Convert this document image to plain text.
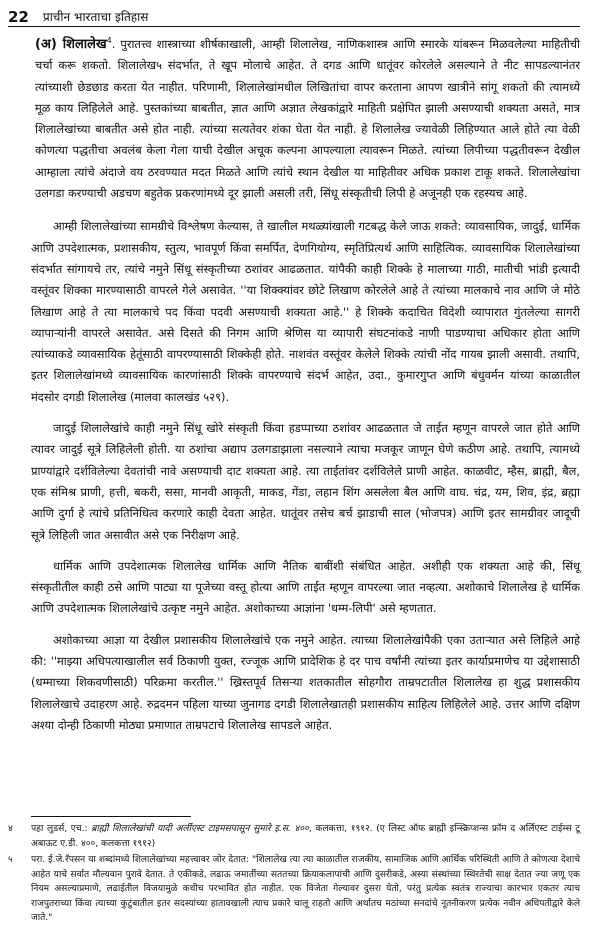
22 प्राचीन भारताचा इतिहास

(अ) शिलालेख$^4$. पुरातत्त्व शास्त्राच्या शीर्षकाखाली, आम्ही शिलालेख, नाणिकशास्त्र आणि स्मारके यांबरून मिळवलेल्या माहितीची चर्चा करू शकतो. शिलालेख५ संदर्भात, ते खूप मोलाचे आहेत. ते दगड आणि धातूंवर कोरलेले असल्याने ते नीट सापडल्यानंतर त्यांच्याशी छेडछाड करता येत नाहीत. परिणामी, शिलालेखांमधील लिखितांचा वापर करताना आपण खात्रीने सांगू शकतो की त्यामध्ये मूळ काय लिहिलेले आहे. पुस्तकांच्या बाबतीत, ज्ञात आणि अज्ञात लेखकांद्वारे माहिती प्रक्षेपित झाली असण्याची शक्यता असते, मात्र शिलालेखांच्या बाबतीत असे होत नाही. त्यांच्या सत्यतेवर शंका घेता येत नाही. हे शिलालेख ज्यावेळी लिहिण्यात आले होते त्या वेळी कोणत्या पद्धतीचा अवलंब केला गेला याची देखील अचूक कल्पना आपल्याला त्यावरून मिळते. त्यांच्या लिपीच्या पद्धतीवरून देखील आम्हाला त्यांचे अंदाजे वय ठरवण्यात मदत मिळते आणि त्यांचे स्थान देखील या माहितीवर अधिक प्रकाश टाकू शकते. शिलालेखांचा उलगडा करण्याची अडचण बहुतेक प्रकरणांमध्ये दूर झाली असली तरी, सिंधू संस्कृतीची लिपी हे अजूनही एक रहस्यच आहे.

आम्ही शिलालेखांच्या सामग्रीचे विश्लेषण केल्यास, ते खालील मथळ्यांखाली गटबद्ध केले जाऊ शकते: व्यावसायिक, जादुई, धार्मिक आणि उपदेशात्मक, प्रशासकीय, स्तुत्य, भावपूर्ण किंवा समर्पित, देणगियोग्य, स्मृतिप्रित्यर्थ आणि साहित्यिक. व्यावसायिक शिलालेखांच्या संदर्भात सांगायचे तर, त्यांचे नमुने सिंधू संस्कृतीच्या ठशांवर आढळतात. यांपैकी काही शिक्के हे मालाच्या गाठी, मातीची भांडी इत्यादी वस्तूंवर शिक्का मारण्यासाठी वापरले गेले असावेत. ''या शिक्क्यांवर छोटे लिखाण कोरलेले आहे ते त्यांच्या मालकाचे नाव आणि जे मोठे लिखाण आहे ते त्या मालकाचे पद किंवा पदवी असण्याची शक्यता आहे.'' हे शिक्के कदाचित विदेशी व्यापारात गुंतलेल्या सागरी व्यापाऱ्यांनी वापरले असावेत. असे दिसते की निगम आणि श्रेणिस या व्यापारी संघटनांकडे नाणी पाडण्याचा अधिकार होता आणि त्यांच्याकडे व्यावसायिक हेतूंसाठी वापरण्यासाठी शिक्केही होते. नाशवंत वस्तूंवर केलेले शिक्के त्यांची नोंद गायब झाली असावी. तथापि, इतर शिलालेखांमध्ये व्यावसायिक कारणांसाठी शिक्के वापरण्याचे संदर्भ आहेत, उदा., कुमारगुप्त आणि बंधुवर्मन यांच्या काळातील मंदसोर दगडी शिलालेख (मालवा कालखंड ५२९).

जादुई शिलालेखांचे काही नमुने सिंधू खोरे संस्कृती किंवा हडप्पाच्या ठशांवर आढळतात जे ताईत म्हणून वापरले जात होते आणि त्यावर जादुई सूत्रे लिहिलेली होती. या ठशांचा अद्याप उलगडाझाला नसल्याने त्याचा मजकूर जाणून घेणे कठीण आहे. तथापि, त्यामध्ये प्राण्यांद्वारे दर्शविलेल्या देवतांची नावे असण्याची दाट शक्यता आहे. त्या ताईतांवर दर्शविलेले प्राणी आहेत. काळवीट, म्हैस, ब्राह्मी, बैल, एक संमिश्र प्राणी, हत्ती, बकरी, ससा, मानवी आकृती, माकड, गेंडा, लहान शिंग असलेला बैल आणि वाघ. चंद्र, यम, शिव, इंद्र, ब्रह्मा आणि दुर्गा हे त्यांचे प्रतिनिधित्व करणारे काही देवता आहेत. धातूंवर तसेच बर्च झाडाची साल (भोजपत्र) आणि इतर सामग्रीवर जादूची सूत्रे लिहिली जात असावीत असे एक निरीक्षण आहे.

धार्मिक आणि उपदेशात्मक शिलालेख धार्मिक आणि नैतिक बाबींशी संबंधित आहेत. अशीही एक शक्यता आहे की, सिंधू संस्कृतीतील काही ठसे आणि पाट्या या पूजेच्या वस्तू होत्या आणि ताईत म्हणून वापरल्या जात नव्हत्या. अशोकाचे शिलालेख हे धार्मिक आणि उपदेशात्मक शिलालेखांचे उत्कृष्ट नमुने आहेत. अशोकाच्या आज्ञांना 'धम्म-लिपी' असे म्हणतात.

अशोकाच्या आज्ञा या देखील प्रशासकीय शिलालेखांचे एक नमुने आहेत. त्याच्या शिलालेखांपैकी एका उताऱ्यात असे लिहिले आहे की: ''माझ्या अधिपत्याखालील सर्व ठिकाणी युक्त, रज्जूक आणि प्रादेशिक हे दर पाच वर्षांनी त्यांच्या इतर कार्याप्रमाणेच या उद्देशासाठी (धम्माच्या शिकवणीसाठी) परिक्रमा करतील.'' ख्रिस्तपूर्व तिसऱ्या शतकातील सोहगौरा ताम्रपटातील शिलालेख हा शुद्ध प्रशासकीय शिलालेखाचे उदाहरण आहे. रुद्रदमन पहिला याच्या जुनागड दगडी शिलालेखातही प्रशासकीय साहित्य लिहिलेले आहे. उत्तर आणि दक्षिण अश्या दोन्ही ठिकाणी मोठ्या प्रमाणात ताम्रपटाचे शिलालेख सापडले आहेत.

४	पहा लुडर्स, एच.: ब्राह्मी शिलालेखांची यादी अर्लीएस्ट टाइमसपासून सुमारे इ.स. ४००, कलकत्ता, १९१२. (ए लिस्ट ऑफ ब्राह्मी इन्स्क्रिप्शन्स फ्रॉम द अर्लिएस्ट टाईम्स टू अबाऊट ए.डी. ४००, कलकत्ता १९१२)
५	परा. ई.जे.रॅपसन या शब्दांमध्ये शिलालेखांच्या महत्त्वावर जोर देतात: "शिलालेख त्या त्या काळातील राजकीय, सामाजिक आणि आर्थिक परिस्थिती आणि ते कोणत्या देशाचे आहेत याचे सर्वात मौल्यवान पुरावे देतात. ते एकीकडे, लढाऊ जमातींच्या सततच्या क्रियाकलापांची आणि दुसरीकडे, अस्या संस्थांच्या स्थिरतेची साक्ष देतात ज्या जणू एक नियम असल्याप्रमाणे, लढाईतील विजयामुळे कधीच परभावित होत नाहीत. एक विजेता गेल्यावर दुसरा येतो, परंतु प्रत्येक स्वतंत्र राज्याचा कारभार एकतर त्याच राजपुतराच्या किंवा त्याच्या कुटुंबातील इतर सदस्यांच्या हातावखाली त्याच प्रकारे चालू राहतो आणि अर्थातच मठांच्या सनदांचे नूतनीकरण प्रत्येक नवीन अधिपतीद्वारे केले जाते."
